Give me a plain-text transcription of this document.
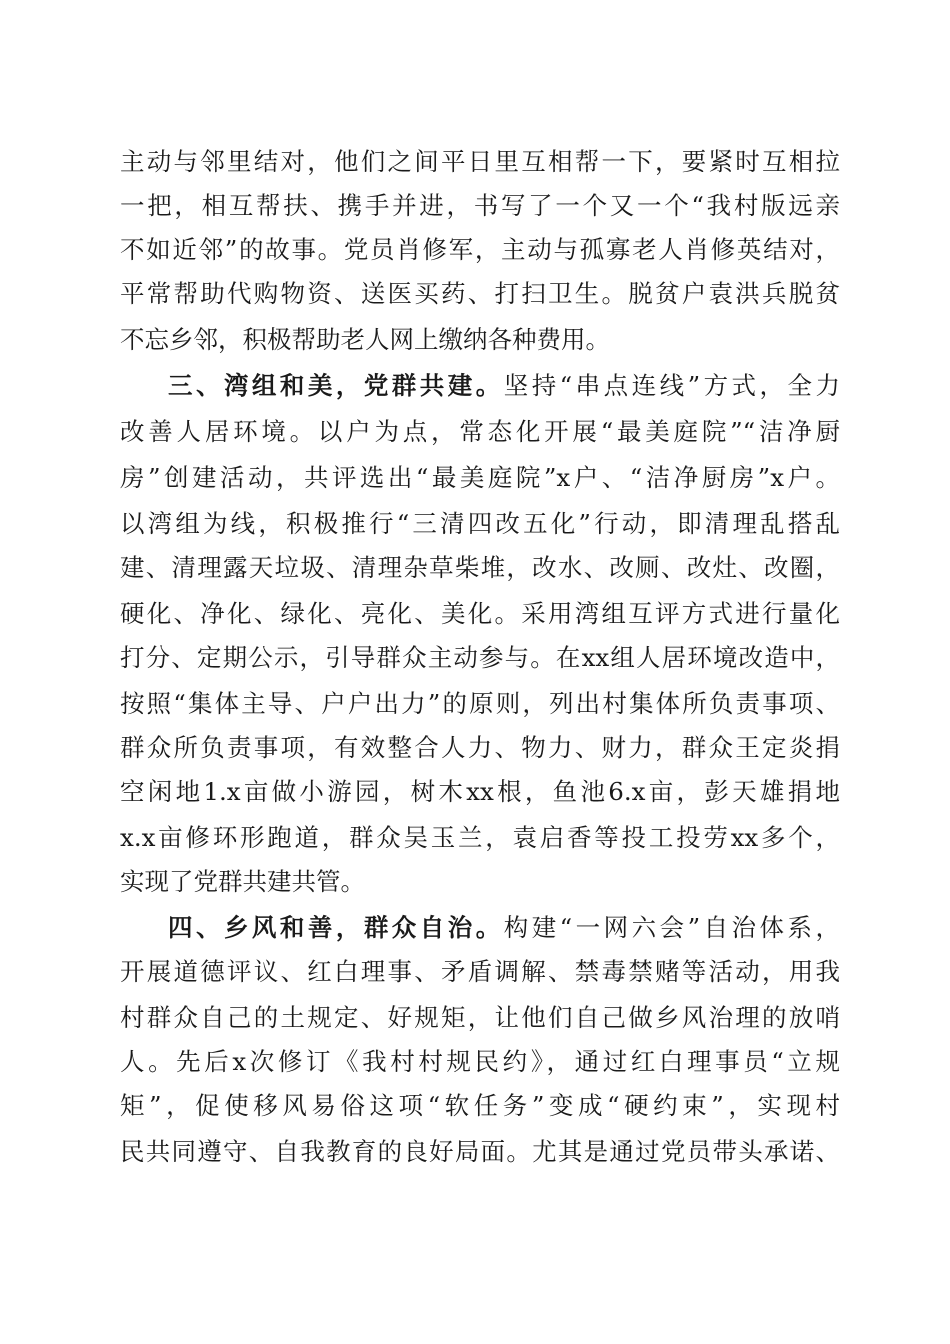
主动与邻里结对，他们之间平日里互相帮一下，要紧时互相拉
一把，相互帮扶、携手并进，书写了一个又一个“我村版远亲
不如近邻”的故事。党员肖修军，主动与孤寡老人肖修英结对，
平常帮助代购物资、送医买药、打扫卫生。脱贫户袁洪兵脱贫
不忘乡邻，积极帮助老人网上缴纳各种费用。
三、湾组和美，党群共建。坚持“串点连线”方式，全力
改善人居环境。以户为点，常态化开展“最美庭院”“洁净厨
房”创建活动，共评选出“最美庭院”x户、“洁净厨房”x户。
以湾组为线，积极推行“三清四改五化”行动，即清理乱搭乱
建、清理露天垃圾、清理杂草柴堆，改水、改厕、改灶、改圈，
硬化、净化、绿化、亮化、美化。采用湾组互评方式进行量化
打分、定期公示，引导群众主动参与。在xx组人居环境改造中，
按照“集体主导、户户出力”的原则，列出村集体所负责事项、
群众所负责事项，有效整合人力、物力、财力，群众王定炎捐
空闲地1.x亩做小游园，树木xx根，鱼池6.x亩，彭天雄捐地
x.x亩修环形跑道，群众吴玉兰，袁启香等投工投劳xx多个，
实现了党群共建共管。
四、乡风和善，群众自治。构建“一网六会”自治体系，
开展道德评议、红白理事、矛盾调解、禁毒禁赌等活动，用我
村群众自己的土规定、好规矩，让他们自己做乡风治理的放哨
人。先后x次修订《我村村规民约》，通过红白理事员“立规
矩”，促使移风易俗这项“软任务”变成“硬约束”，实现村
民共同遵守、自我教育的良好局面。尤其是通过党员带头承诺、
